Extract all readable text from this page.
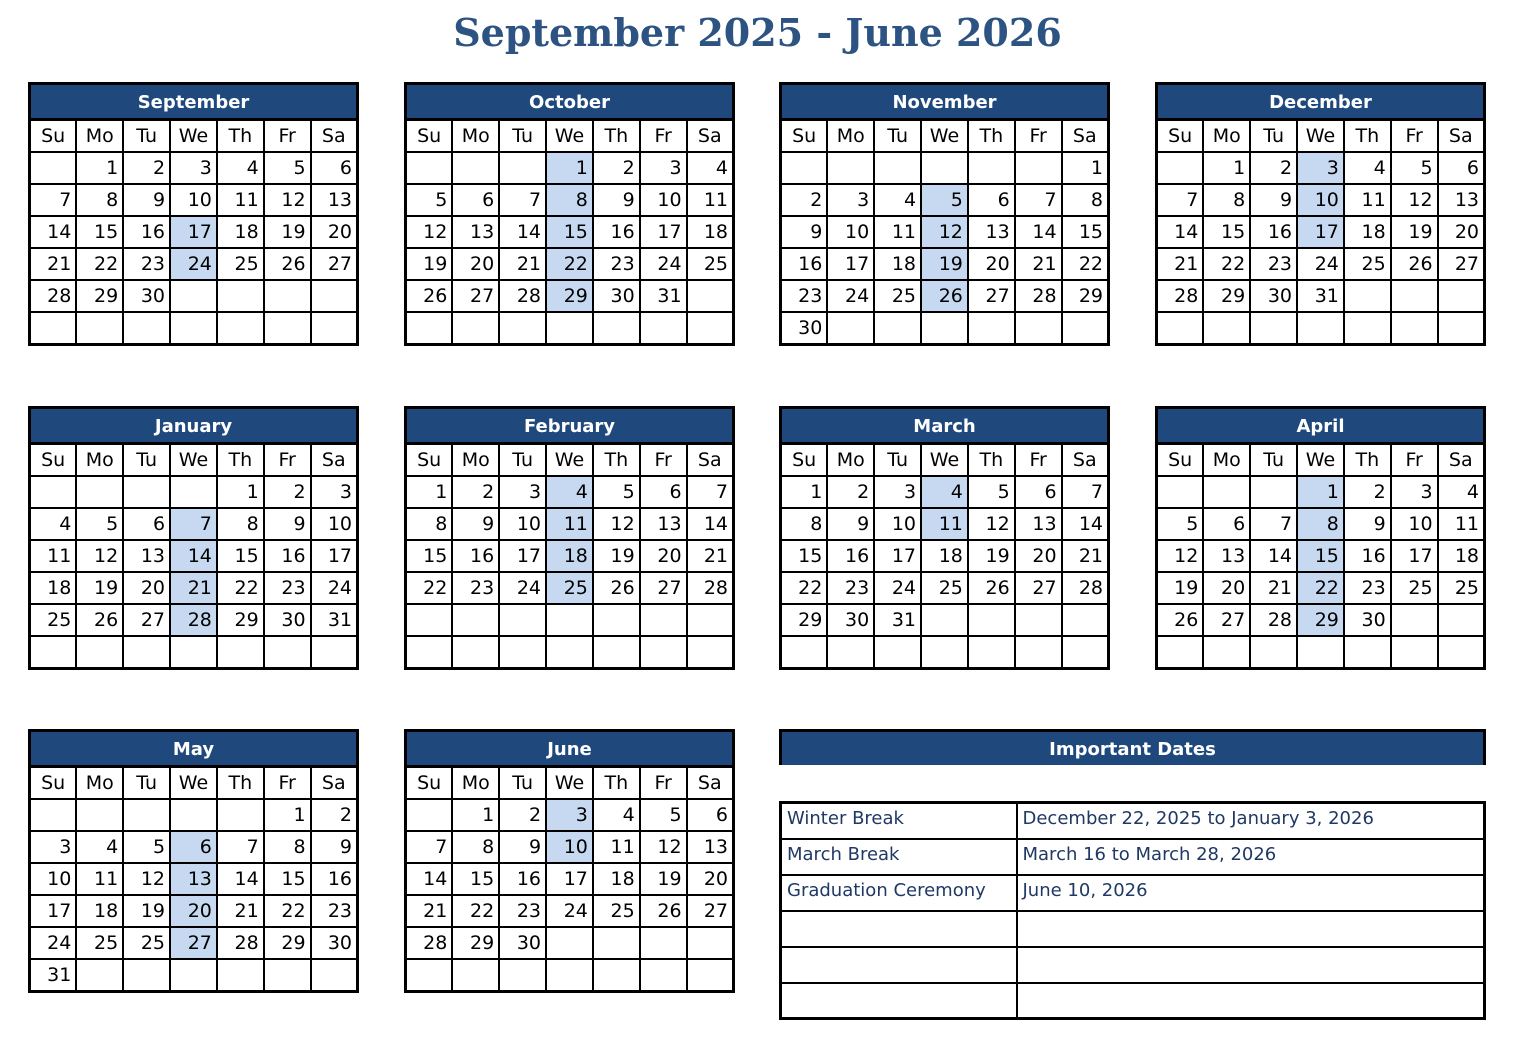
September 2025 - June 2026
September
Su	Mo	Tu	We	Th	Fr	Sa
	1	2	3	4	5	6
7	8	9	10	11	12	13
14	15	16	17	18	19	20
21	22	23	24	25	26	27
28	29	30				

October
Su	Mo	Tu	We	Th	Fr	Sa
			1	2	3	4
5	6	7	8	9	10	11
12	13	14	15	16	17	18
19	20	21	22	23	24	25
26	27	28	29	30	31	

November
Su	Mo	Tu	We	Th	Fr	Sa
						1
2	3	4	5	6	7	8
9	10	11	12	13	14	15
16	17	18	19	20	21	22
23	24	25	26	27	28	29
30						
December
Su	Mo	Tu	We	Th	Fr	Sa
	1	2	3	4	5	6
7	8	9	10	11	12	13
14	15	16	17	18	19	20
21	22	23	24	25	26	27
28	29	30	31			

January
Su	Mo	Tu	We	Th	Fr	Sa
				1	2	3
4	5	6	7	8	9	10
11	12	13	14	15	16	17
18	19	20	21	22	23	24
25	26	27	28	29	30	31

February
Su	Mo	Tu	We	Th	Fr	Sa
1	2	3	4	5	6	7
8	9	10	11	12	13	14
15	16	17	18	19	20	21
22	23	24	25	26	27	28

March
Su	Mo	Tu	We	Th	Fr	Sa
1	2	3	4	5	6	7
8	9	10	11	12	13	14
15	16	17	18	19	20	21
22	23	24	25	26	27	28
29	30	31				

April
Su	Mo	Tu	We	Th	Fr	Sa
			1	2	3	4
5	6	7	8	9	10	11
12	13	14	15	16	17	18
19	20	21	22	23	25	25
26	27	28	29	30		

May
Su	Mo	Tu	We	Th	Fr	Sa
					1	2
3	4	5	6	7	8	9
10	11	12	13	14	15	16
17	18	19	20	21	22	23
24	25	25	27	28	29	30
31						
June
Su	Mo	Tu	We	Th	Fr	Sa
	1	2	3	4	5	6
7	8	9	10	11	12	13
14	15	16	17	18	19	20
21	22	23	24	25	26	27
28	29	30				

Important Dates
Winter Break	December 22, 2025 to January 3, 2026
March Break	March 16 to March 28, 2026
Graduation Ceremony	June 10, 2026
